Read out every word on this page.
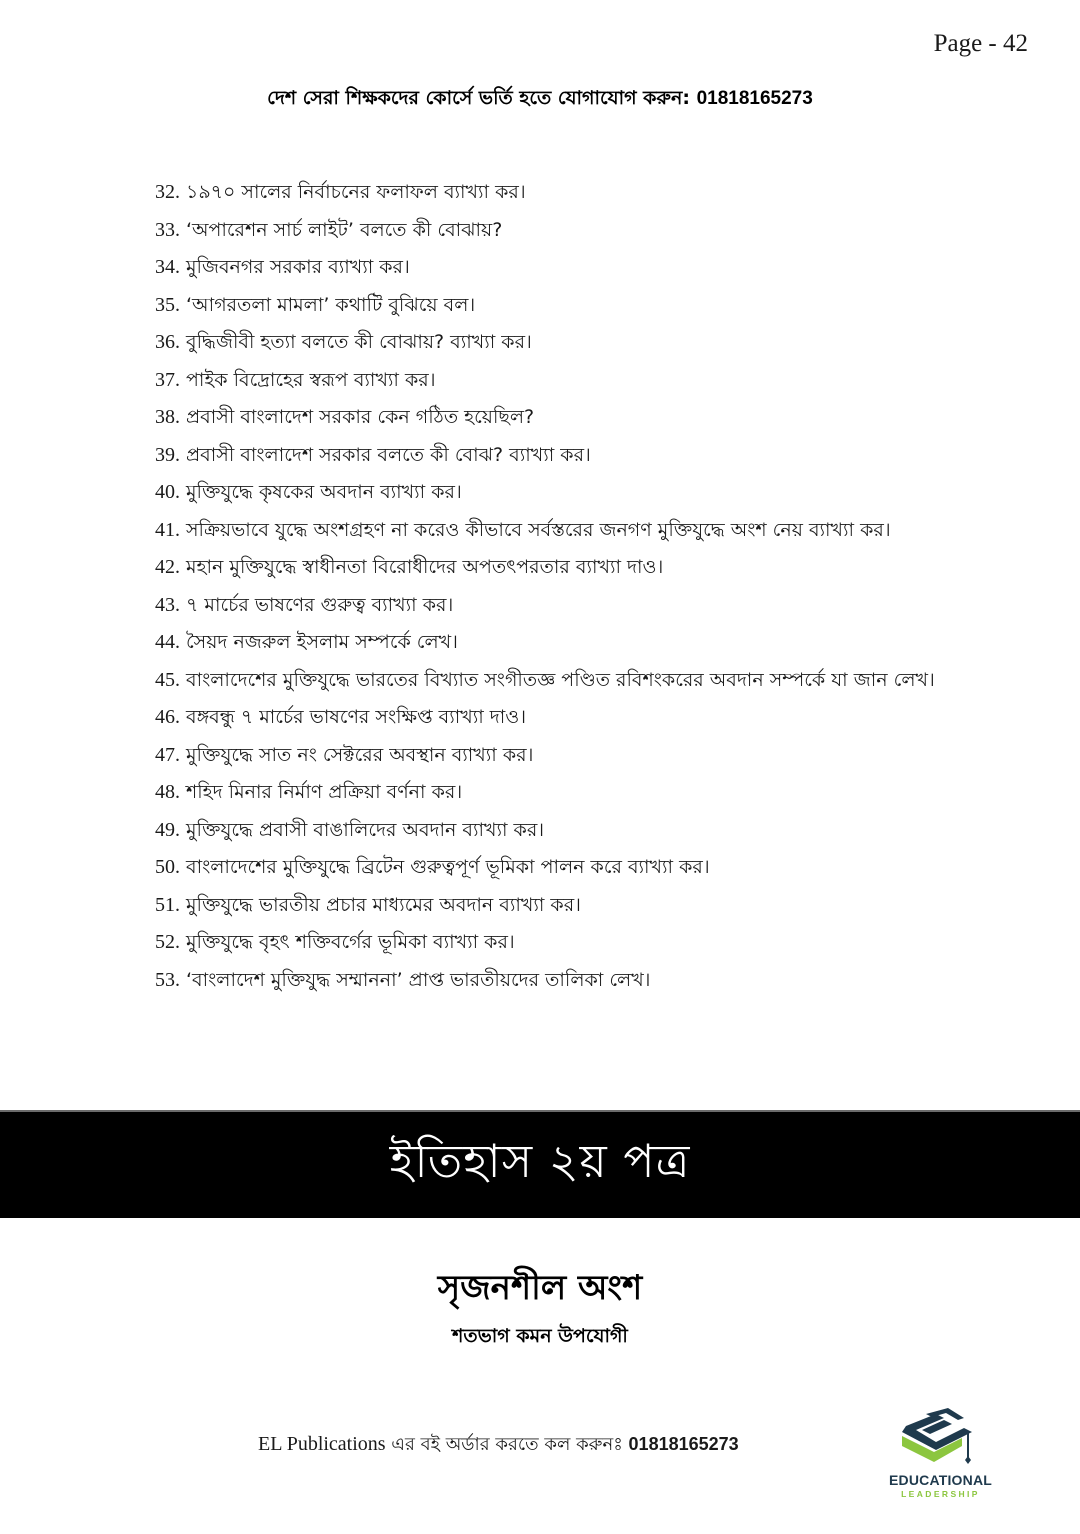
Page - 42
দেশ সেরা শিক্ষকদের কোর্সে ভর্তি হতে যোগাযোগ করুন: 01818165273
32. ১৯৭০ সালের নির্বাচনের ফলাফল ব্যাখ্যা কর।
33. ‘অপারেশন সার্চ লাইট’ বলতে কী বোঝায়?
34. মুজিবনগর সরকার ব্যাখ্যা কর।
35. ‘আগরতলা মামলা’ কথাটি বুঝিয়ে বল।
36. বুদ্ধিজীবী হত্যা বলতে কী বোঝায়? ব্যাখ্যা কর।
37. পাইক বিদ্রোহের স্বরূপ ব্যাখ্যা কর।
38. প্রবাসী বাংলাদেশ সরকার কেন গঠিত হয়েছিল?
39. প্রবাসী বাংলাদেশ সরকার বলতে কী বোঝ? ব্যাখ্যা কর।
40. মুক্তিযুদ্ধে কৃষকের অবদান ব্যাখ্যা কর।
41. সক্রিয়ভাবে যুদ্ধে অংশগ্রহণ না করেও কীভাবে সর্বস্তরের জনগণ মুক্তিযুদ্ধে অংশ নেয় ব্যাখ্যা কর।
42. মহান মুক্তিযুদ্ধে স্বাধীনতা বিরোধীদের অপতৎপরতার ব্যাখ্যা দাও।
43. ৭ মার্চের ভাষণের গুরুত্ব ব্যাখ্যা কর।
44. সৈয়দ নজরুল ইসলাম সম্পর্কে লেখ।
45. বাংলাদেশের মুক্তিযুদ্ধে ভারতের বিখ্যাত সংগীতজ্ঞ পণ্ডিত রবিশংকরের অবদান সম্পর্কে যা জান লেখ।
46. বঙ্গবন্ধু ৭ মার্চের ভাষণের সংক্ষিপ্ত ব্যাখ্যা দাও।
47. মুক্তিযুদ্ধে সাত নং সেক্টরের অবস্থান ব্যাখ্যা কর।
48. শহিদ মিনার নির্মাণ প্রক্রিয়া বর্ণনা কর।
49. মুক্তিযুদ্ধে প্রবাসী বাঙালিদের অবদান ব্যাখ্যা কর।
50. বাংলাদেশের মুক্তিযুদ্ধে ব্রিটেন গুরুত্বপূর্ণ ভূমিকা পালন করে ব্যাখ্যা কর।
51. মুক্তিযুদ্ধে ভারতীয় প্রচার মাধ্যমের অবদান ব্যাখ্যা কর।
52. মুক্তিযুদ্ধে বৃহৎ শক্তিবর্গের ভূমিকা ব্যাখ্যা কর।
53. ‘বাংলাদেশ মুক্তিযুদ্ধ সম্মাননা’ প্রাপ্ত ভারতীয়দের তালিকা লেখ।
ইতিহাস ২য় পত্র
সৃজনশীল অংশ
শতভাগ কমন উপযোগী
EL Publications এর বই অর্ডার করতে কল করুনঃ 01818165273
EDUCATIONAL
LEADERSHIP
